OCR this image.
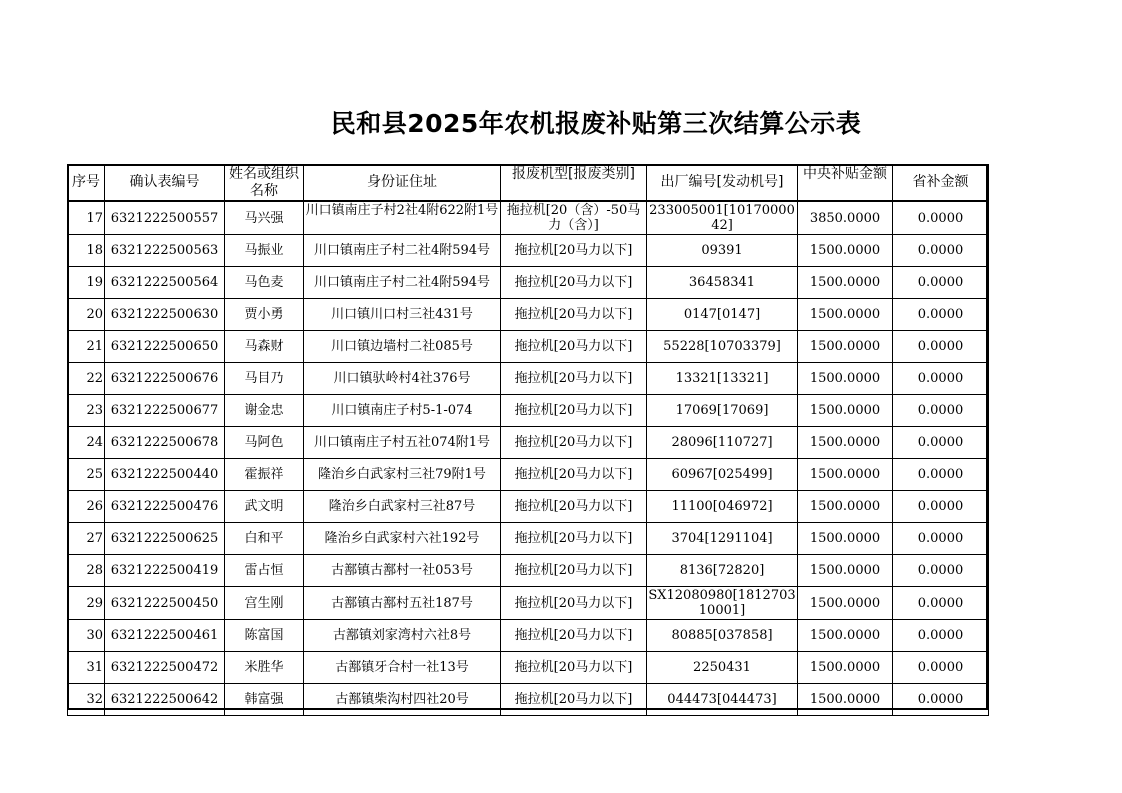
民和县2025年农机报废补贴第三次结算公示表
序号	确认表编号	姓名或组织名称	身份证住址	报废机型[报废类别]	出厂编号[发动机号]	中央补贴金额	省补金额
17	6321222500557	马兴强	川口镇南庄子村2社4附622附1号	拖拉机[20（含）-50马力（含）]	233005001[1017000042]	3850.0000	0.0000
18	6321222500563	马振业	川口镇南庄子村二社4附594号	拖拉机[20马力以下]	09391	1500.0000	0.0000
19	6321222500564	马色麦	川口镇南庄子村二社4附594号	拖拉机[20马力以下]	36458341	1500.0000	0.0000
20	6321222500630	贾小勇	川口镇川口村三社431号	拖拉机[20马力以下]	0147[0147]	1500.0000	0.0000
21	6321222500650	马森财	川口镇边墙村二社085号	拖拉机[20马力以下]	55228[10703379]	1500.0000	0.0000
22	6321222500676	马目乃	川口镇驮岭村4社376号	拖拉机[20马力以下]	13321[13321]	1500.0000	0.0000
23	6321222500677	谢金忠	川口镇南庄子村5-1-074	拖拉机[20马力以下]	17069[17069]	1500.0000	0.0000
24	6321222500678	马阿色	川口镇南庄子村五社074附1号	拖拉机[20马力以下]	28096[110727]	1500.0000	0.0000
25	6321222500440	霍振祥	隆治乡白武家村三社79附1号	拖拉机[20马力以下]	60967[025499]	1500.0000	0.0000
26	6321222500476	武文明	隆治乡白武家村三社87号	拖拉机[20马力以下]	11100[046972]	1500.0000	0.0000
27	6321222500625	白和平	隆治乡白武家村六社192号	拖拉机[20马力以下]	3704[1291104]	1500.0000	0.0000
28	6321222500419	雷占恒	古鄯镇古鄯村一社053号	拖拉机[20马力以下]	8136[72820]	1500.0000	0.0000
29	6321222500450	宫生刚	古鄯镇古鄯村五社187号	拖拉机[20马力以下]	SX12080980[181270310001]	1500.0000	0.0000
30	6321222500461	陈富国	古鄯镇刘家湾村六社8号	拖拉机[20马力以下]	80885[037858]	1500.0000	0.0000
31	6321222500472	米胜华	古鄯镇牙合村一社13号	拖拉机[20马力以下]	2250431	1500.0000	0.0000
32	6321222500642	韩富强	古鄯镇柴沟村四社20号	拖拉机[20马力以下]	044473[044473]	1500.0000	0.0000
